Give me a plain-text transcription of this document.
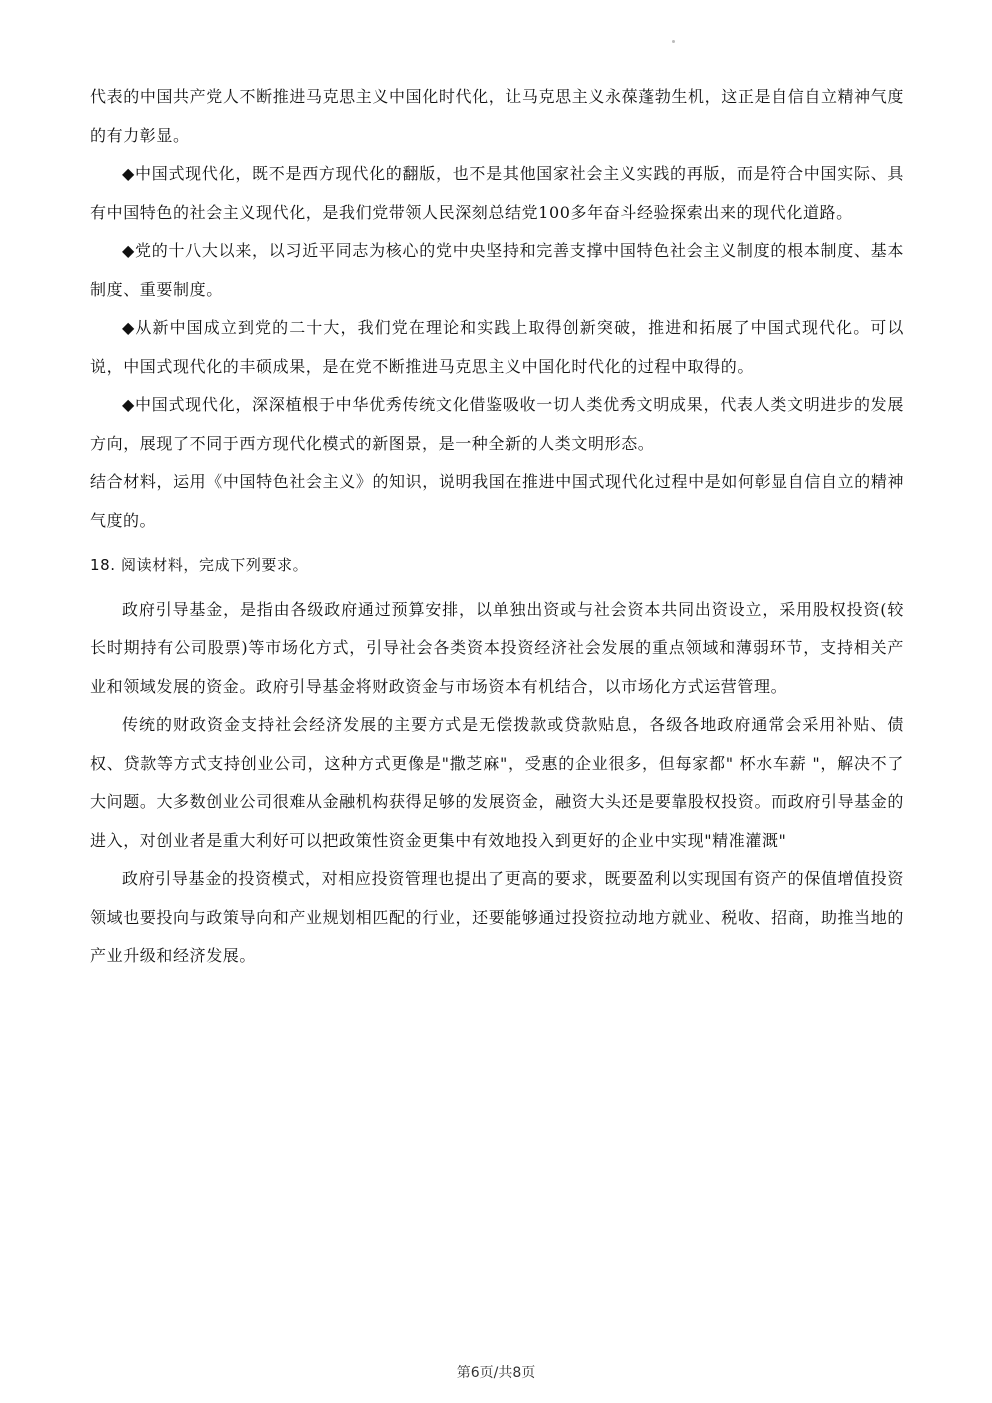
代表的中国共产党人不断推进马克思主义中国化时代化，让马克思主义永葆蓬勃生机，这正是自信自立精神气度的有力彰显。

◆中国式现代化，既不是西方现代化的翻版，也不是其他国家社会主义实践的再版，而是符合中国实际、具有中国特色的社会主义现代化，是我们党带领人民深刻总结党100多年奋斗经验探索出来的现代化道路。

◆党的十八大以来，以习近平同志为核心的党中央坚持和完善支撑中国特色社会主义制度的根本制度、基本制度、重要制度。

◆从新中国成立到党的二十大，我们党在理论和实践上取得创新突破，推进和拓展了中国式现代化。可以说，中国式现代化的丰硕成果，是在党不断推进马克思主义中国化时代化的过程中取得的。

◆中国式现代化，深深植根于中华优秀传统文化借鉴吸收一切人类优秀文明成果，代表人类文明进步的发展方向，展现了不同于西方现代化模式的新图景，是一种全新的人类文明形态。

结合材料，运用《中国特色社会主义》的知识，说明我国在推进中国式现代化过程中是如何彰显自信自立的精神气度的。

18. 阅读材料，完成下列要求。

政府引导基金，是指由各级政府通过预算安排，以单独出资或与社会资本共同出资设立，采用股权投资(较长时期持有公司股票)等市场化方式，引导社会各类资本投资经济社会发展的重点领域和薄弱环节，支持相关产业和领域发展的资金。政府引导基金将财政资金与市场资本有机结合，以市场化方式运营管理。

传统的财政资金支持社会经济发展的主要方式是无偿拨款或贷款贴息，各级各地政府通常会采用补贴、债权、贷款等方式支持创业公司，这种方式更像是"撒芝麻"，受惠的企业很多，但每家都" 杯水车薪 "，解决不了大问题。大多数创业公司很难从金融机构获得足够的发展资金，融资大头还是要靠股权投资。而政府引导基金的进入，对创业者是重大利好可以把政策性资金更集中有效地投入到更好的企业中实现"精准灌溉"

政府引导基金的投资模式，对相应投资管理也提出了更高的要求，既要盈利以实现国有资产的保值增值投资领域也要投向与政策导向和产业规划相匹配的行业，还要能够通过投资拉动地方就业、税收、招商，助推当地的产业升级和经济发展。

第6页/共8页
